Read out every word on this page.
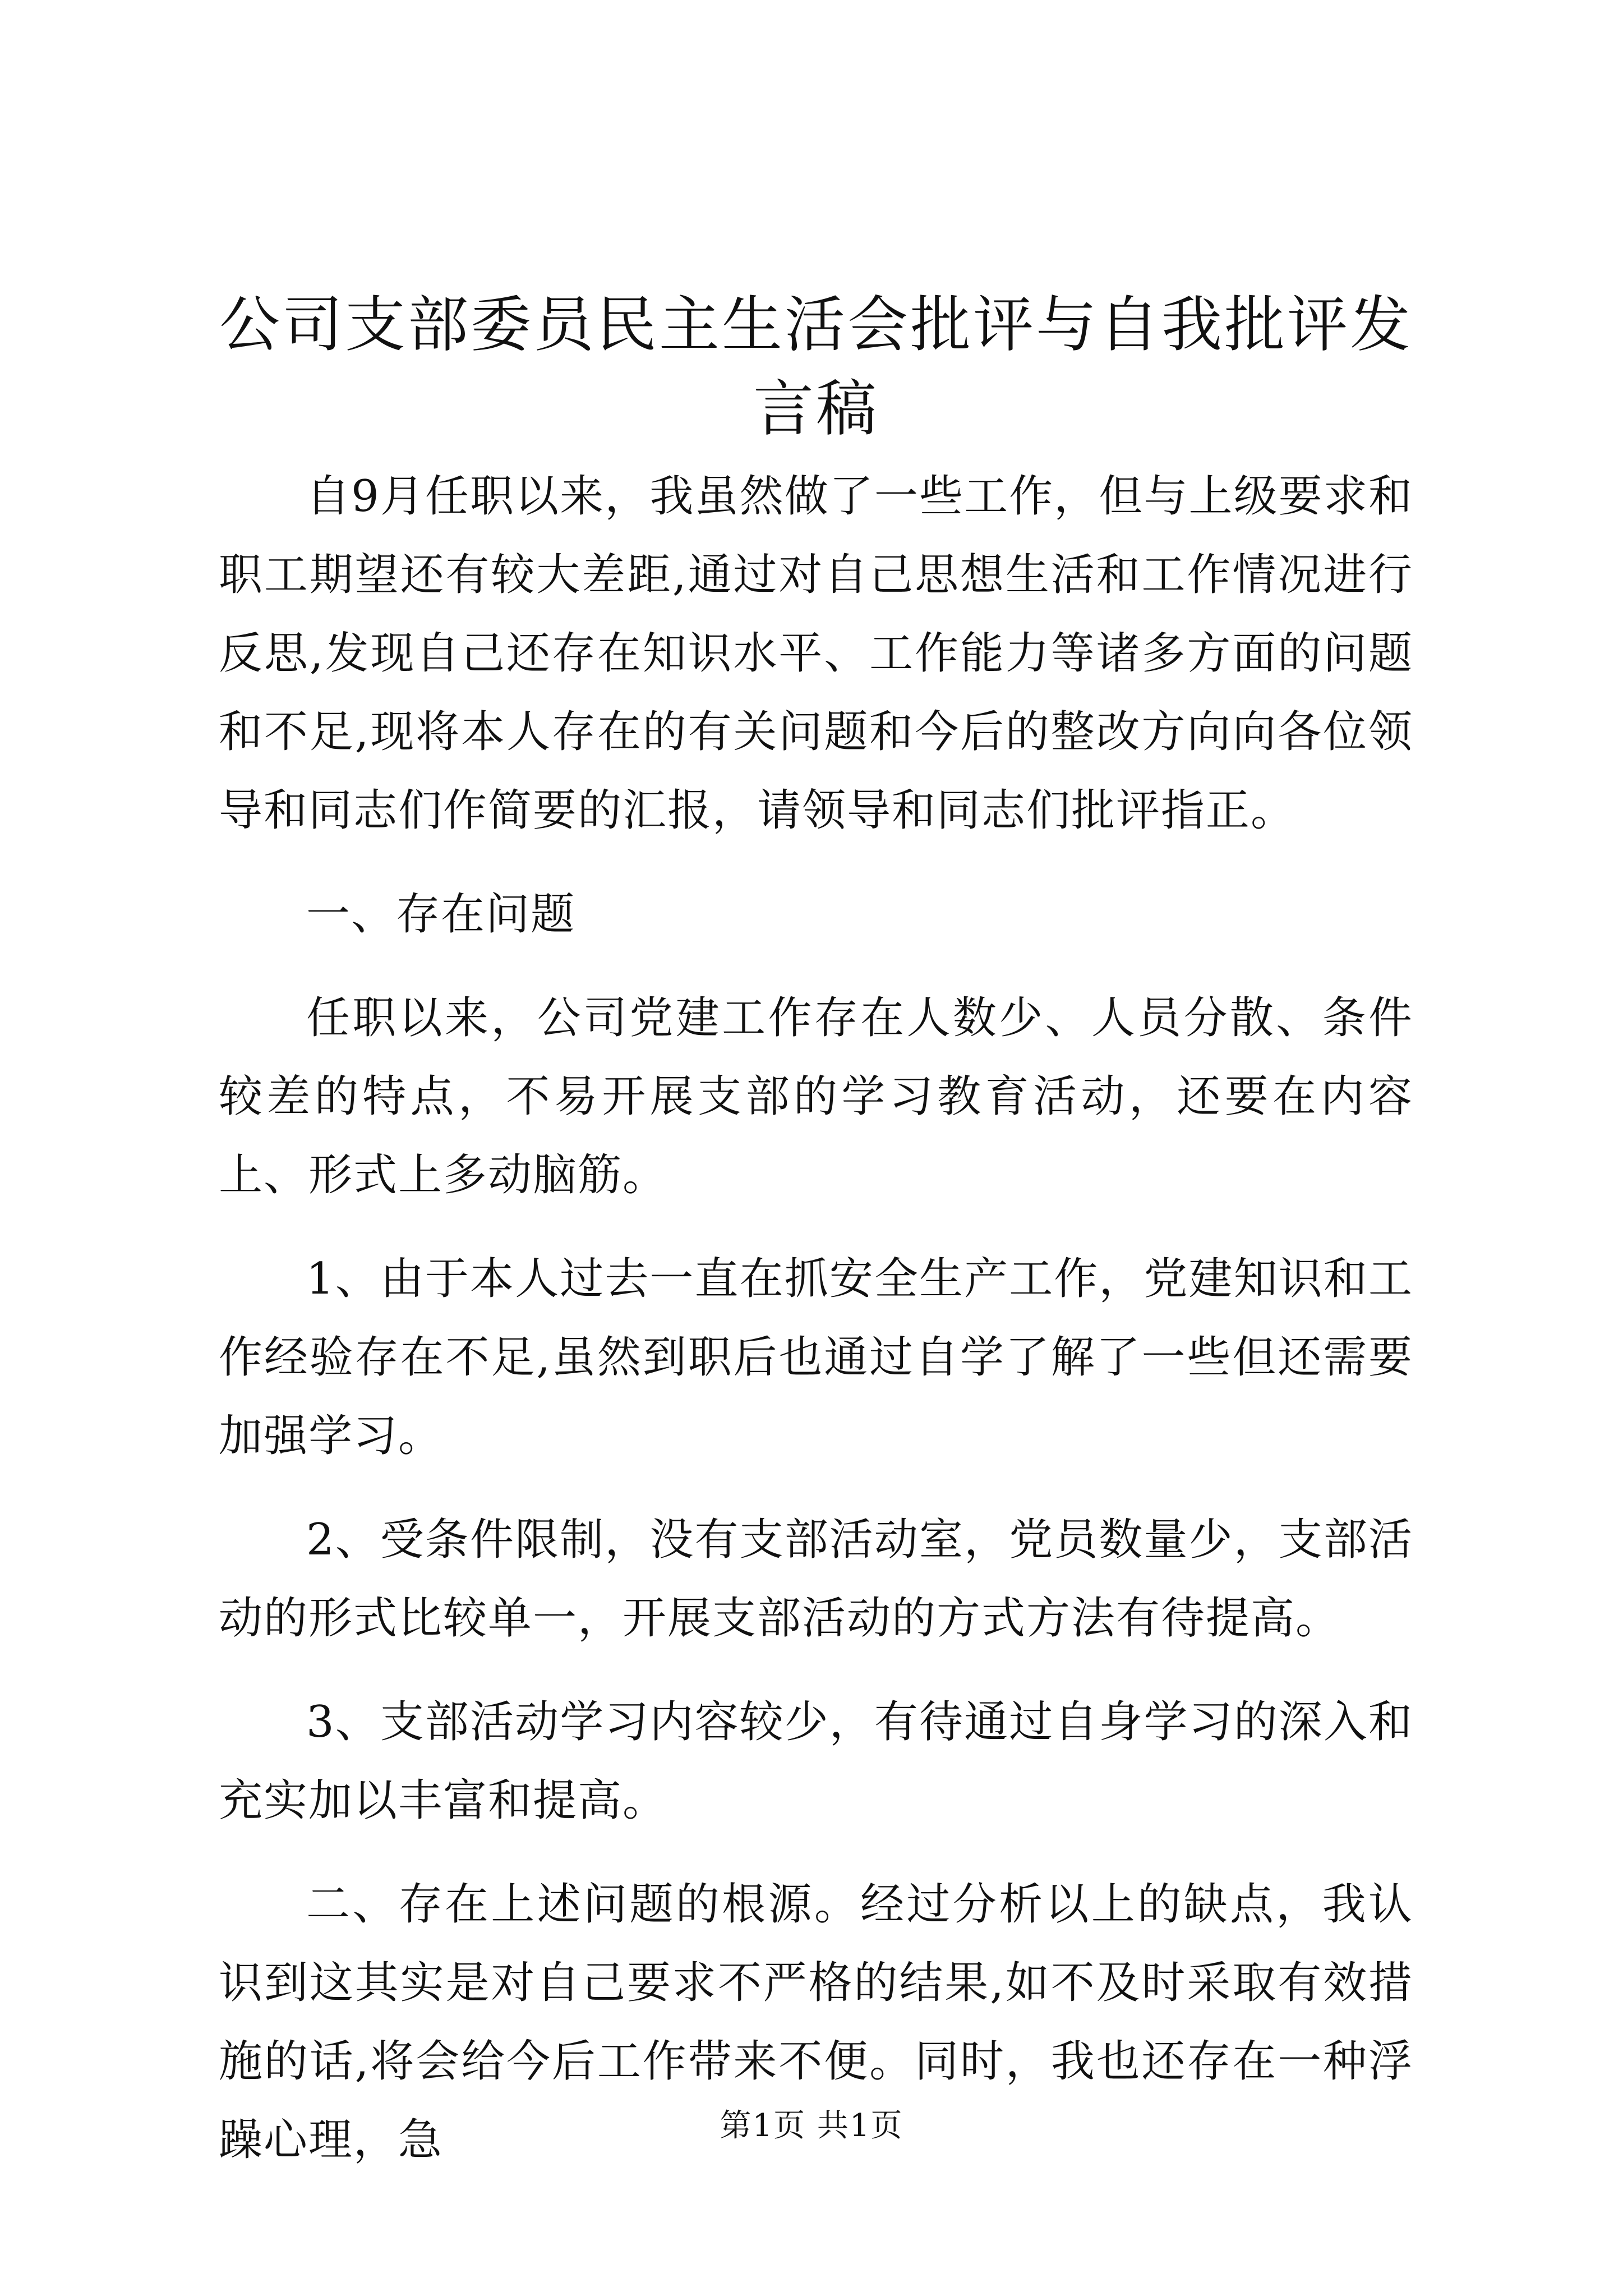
公司支部委员民主生活会批评与自我批评发言稿

自9月任职以来，我虽然做了一些工作，但与上级要求和职工期望还有较大差距,通过对自己思想生活和工作情况进行反思,发现自己还存在知识水平、工作能力等诸多方面的问题和不足,现将本人存在的有关问题和今后的整改方向向各位领导和同志们作简要的汇报，请领导和同志们批评指正。

一、存在问题

任职以来，公司党建工作存在人数少、人员分散、条件较差的特点，不易开展支部的学习教育活动，还要在内容上、形式上多动脑筋。

1、由于本人过去一直在抓安全生产工作，党建知识和工作经验存在不足,虽然到职后也通过自学了解了一些但还需要加强学习。

2、受条件限制，没有支部活动室，党员数量少，支部活动的形式比较单一，开展支部活动的方式方法有待提高。

3、支部活动学习内容较少，有待通过自身学习的深入和充实加以丰富和提高。

二、存在上述问题的根源。经过分析以上的缺点，我认识到这其实是对自己要求不严格的结果,如不及时采取有效措施的话,将会给今后工作带来不便。同时，我也还存在一种浮躁心理，急	第1页 共1页
